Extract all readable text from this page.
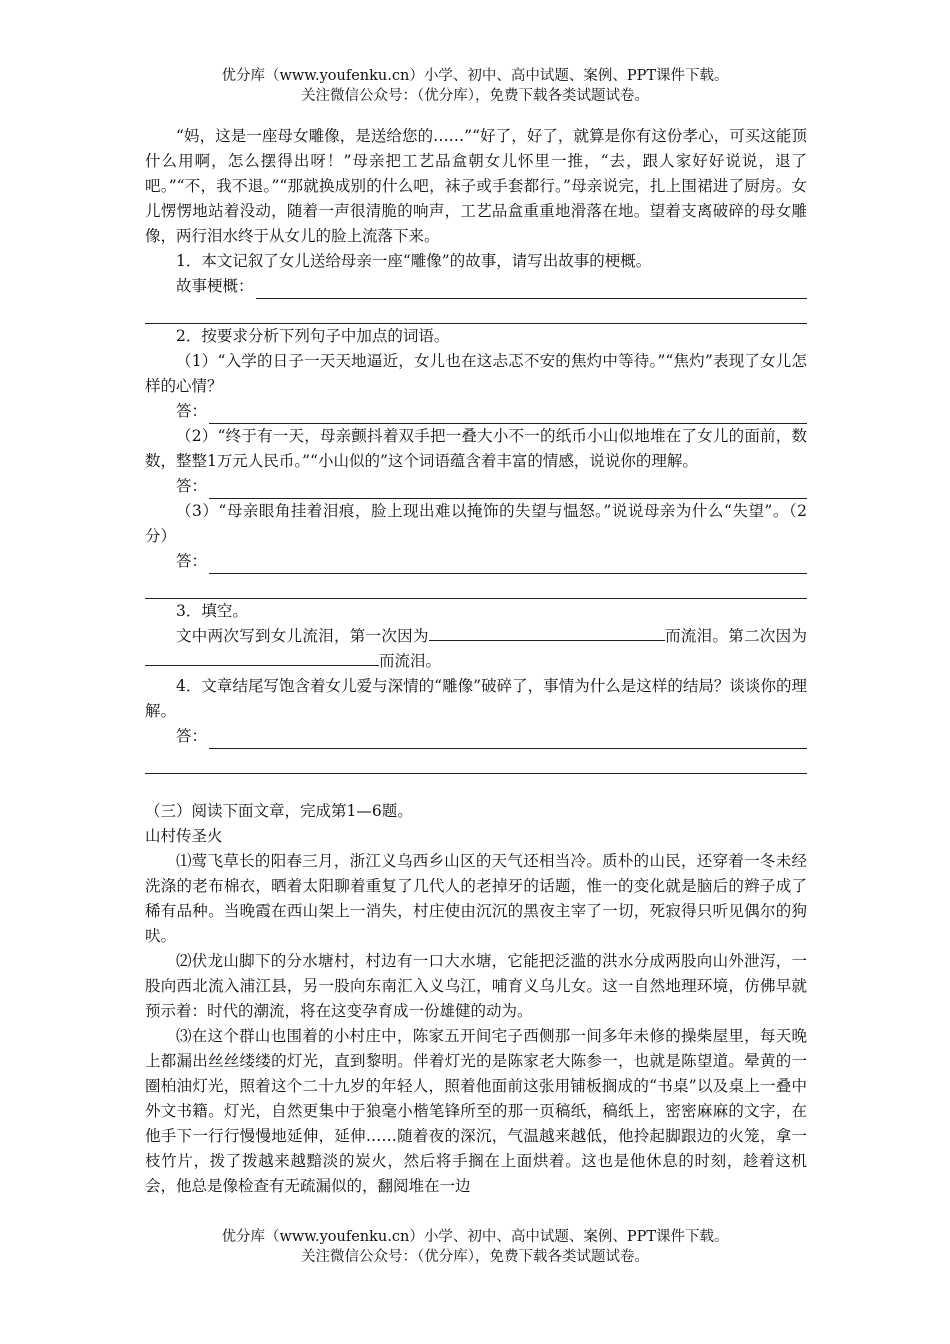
优分库（www.youfenku.cn）小学、初中、高中试题、案例、PPT课件下载。
关注微信公众号：（优分库），免费下载各类试题试卷。

“妈，这是一座母女雕像，是送给您的……”“好了，好了，就算是你有这份孝心，可买这能顶什么用啊，怎么摆得出呀！”母亲把工艺品盒朝女儿怀里一推，“去，跟人家好好说说，退了吧。”“不，我不退。”“那就换成别的什么吧，袜子或手套都行。”母亲说完，扎上围裙进了厨房。女儿愣愣地站着没动，随着一声很清脆的响声，工艺品盒重重地滑落在地。望着支离破碎的母女雕像，两行泪水终于从女儿的脸上流落下来。

1．本文记叙了女儿送给母亲一座“雕像”的故事，请写出故事的梗概。

故事梗概：

2．按要求分析下列句子中加点的词语。

（1）“入学的日子一天天地逼近，女儿也在这忐忑不安的焦灼中等待。”“焦灼”表现了女儿怎样的心情？

答：

（2）“终于有一天，母亲颤抖着双手把一叠大小不一的纸币小山似地堆在了女儿的面前，数数，整整1万元人民币。”“小山似的”这个词语蕴含着丰富的情感，说说你的理解。

答：

（3）“母亲眼角挂着泪痕，脸上现出难以掩饰的失望与愠怒。”说说母亲为什么“失望”。（2分）

答：

3．填空。

文中两次写到女儿流泪，第一次因为	而流泪。第二次因为而流泪。

4．文章结尾写饱含着女儿爱与深情的“雕像”破碎了，事情为什么是这样的结局？谈谈你的理解。

答：

（三）阅读下面文章，完成第1—6题。

山村传圣火

⑴莺飞草长的阳春三月，浙江义乌西乡山区的天气还相当冷。质朴的山民，还穿着一冬未经洗涤的老布棉衣，晒着太阳聊着重复了几代人的老掉牙的话题，惟一的变化就是脑后的辫子成了稀有品种。当晚霞在西山架上一消失，村庄使由沉沉的黑夜主宰了一切，死寂得只听见偶尔的狗吠。

⑵伏龙山脚下的分水塘村，村边有一口大水塘，它能把泛滥的洪水分成两股向山外泄泻，一股向西北流入浦江县，另一股向东南汇入义乌江，哺育义乌儿女。这一自然地理环境，仿佛早就预示着：时代的潮流，将在这变孕育成一份雄健的动为。

⑶在这个群山也围着的小村庄中，陈家五开间宅子西侧那一间多年未修的操柴屋里，每天晚上都漏出丝丝缕缕的灯光，直到黎明。伴着灯光的是陈家老大陈参一，也就是陈望道。晕黄的一圈柏油灯光，照着这个二十九岁的年轻人，照着他面前这张用铺板搁成的“书桌”以及桌上一叠中外文书籍。灯光，自然更集中于狼毫小楷笔锋所至的那一页稿纸，稿纸上，密密麻麻的文字，在他手下一行行慢慢地延伸，延伸……随着夜的深沉，气温越来越低，他拎起脚跟边的火笼，拿一枝竹片，拨了拨越来越黯淡的炭火，然后将手搁在上面烘着。这也是他休息的时刻，趁着这机会，他总是像检查有无疏漏似的，翻阅堆在一边

优分库（www.youfenku.cn）小学、初中、高中试题、案例、PPT课件下载。
关注微信公众号：（优分库），免费下载各类试题试卷。
